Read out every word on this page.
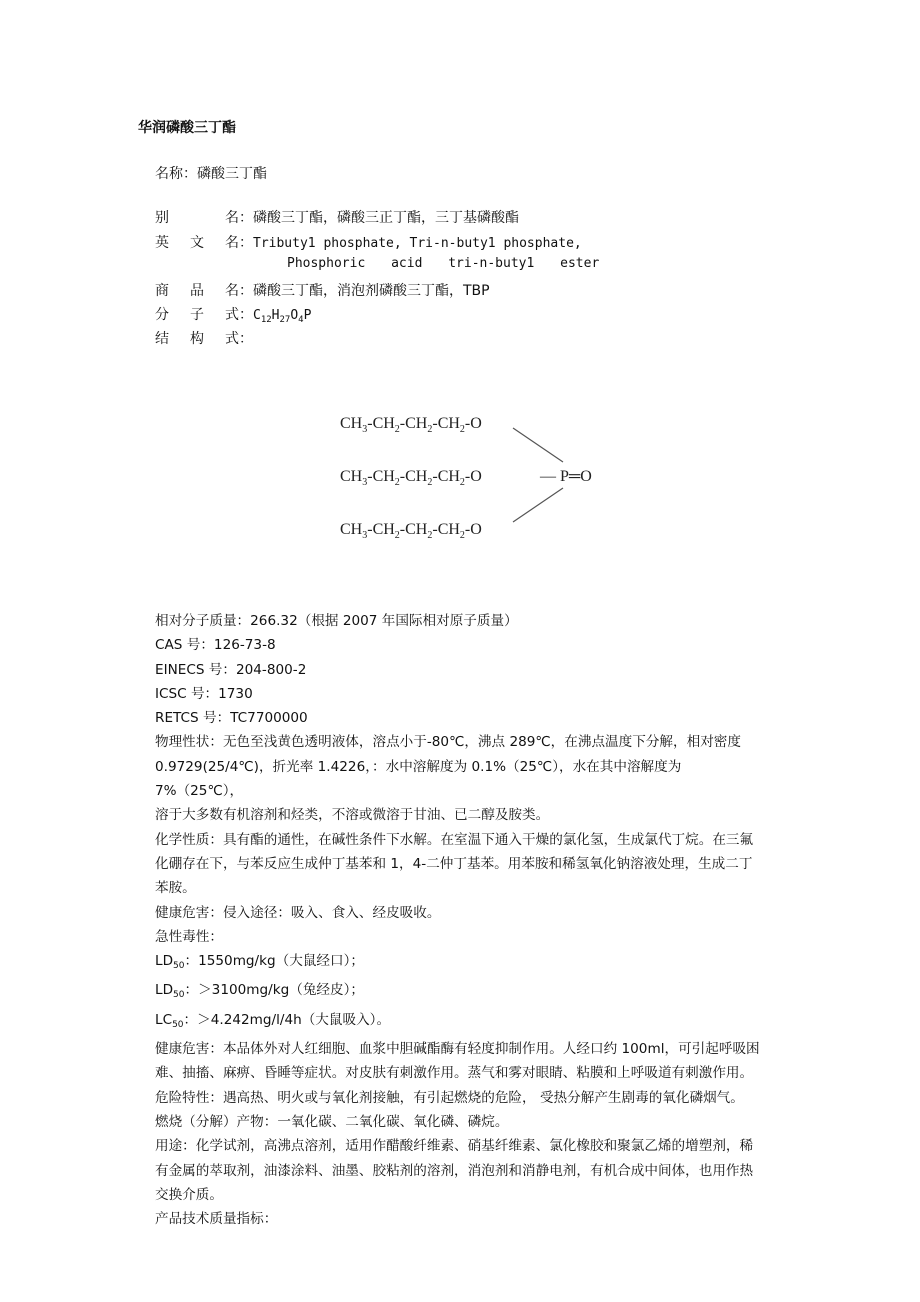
华润磷酸三丁酯
名称：磷酸三丁酯
别　　　名：磷酸三丁酯，磷酸三正丁酯，三丁基磷酸酯
英　文　名：Tributy1 phosphate, Tri-n-buty1 phosphate,
Phosphoric acid tri-n-buty1 ester
商　品　名：磷酸三丁酯，消泡剂磷酸三丁酯，TBP
分　子　式：$C_{12}H_{27}O_4P$
结　构　式：
$CH_3-CH_2-CH_2-CH_2-O$
$CH_3-CH_2-CH_2-CH_2-O$
$CH_3-CH_2-CH_2-CH_2-O$
— P═O

相对分子质量：266.32（根据 2007 年国际相对原子质量）

CAS 号：126-73-8

EINECS 号：204-800-2

ICSC 号：1730

RETCS 号：TC7700000

物理性状：无色至浅黄色透明液体，溶点小于-80℃，沸点 289℃，在沸点温度下分解，相对密度

0.9729(25/4℃)，折光率 1.4226，：水中溶解度为 0.1%（25℃），水在其中溶解度为 7%（25℃），

溶于大多数有机溶剂和烃类，不溶或微溶于甘油、已二醇及胺类。

化学性质：具有酯的通性，在碱性条件下水解。在室温下通入干燥的氯化氢，生成氯代丁烷。在三氟

化硼存在下，与苯反应生成仲丁基苯和 1，4-二仲丁基苯。用苯胺和稀氢氧化钠溶液处理，生成二丁

苯胺。

健康危害：侵入途径：吸入、食入、经皮吸收。

急性毒性：

$LD_{50}$：1550mg/kg（大鼠经口）；

$LD_{50}$：＞3100mg/kg（兔经皮）；

$LC_{50}$：＞4.242mg/l/4h（大鼠吸入）。

健康危害：本品体外对人红细胞、血浆中胆碱酯酶有轻度抑制作用。人经口约 100ml，可引起呼吸困

难、抽搐、麻痹、昏睡等症状。对皮肤有刺激作用。蒸气和雾对眼睛、粘膜和上呼吸道有刺激作用。

危险特性：遇高热、明火或与氧化剂接触，有引起燃烧的危险， 受热分解产生剧毒的氧化磷烟气。

燃烧（分解）产物：一氧化碳、二氧化碳、氧化磷、磷烷。

用途：化学试剂，高沸点溶剂，适用作醋酸纤维素、硝基纤维素、氯化橡胶和聚氯乙烯的增塑剂，稀

有金属的萃取剂，油漆涂料、油墨、胶粘剂的溶剂，消泡剂和消静电剂，有机合成中间体，也用作热

交换介质。

产品技术质量指标：
